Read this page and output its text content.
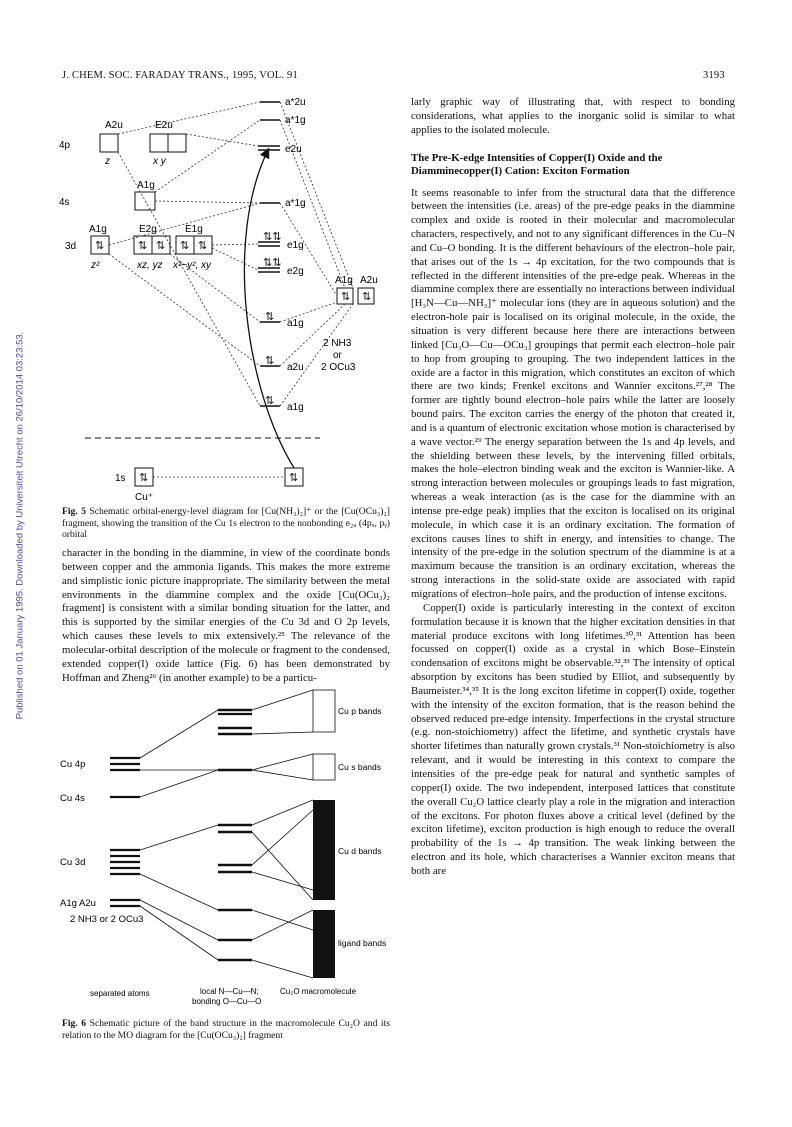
Published on 01 January 1995. Downloaded by Universiteit Utrecht on 26/10/2014 03:23:53.
J. CHEM. SOC. FARADAY TRANS., 1995, VOL. 91	3193
⇅	⇅ ⇅ ⇅ ⇅
⇅	⇅
⇅⇅
⇅⇅
⇅
⇅
⇅
⇅ ⇅
4p
4s
3d
1s
A2u	E2u
A1g
A1g	E2g	E1g
z	x y
z²	xz, yz x²−y², xy
a*2u
a*1g
e2u
a*1g
e1g
e2g
a1g
a2u
a1g
A1g A2u
2 NH3
or
2 OCu3
Cu⁺
Fig. 5 Schematic orbital-energy-level diagram for [Cu(NH₃)₂]⁺ or the [Cu(OCu₃)₂] fragment, showing the transition of the Cu 1s electron to the nonbonding e₂ᵤ (4pₓ, pᵧ) orbital

character in the bonding in the diammine, in view of the coordinate bonds between copper and the ammonia ligands. This makes the more extreme and simplistic ionic picture inappropriate. The similarity between the metal environments in the diammine complex and the oxide [Cu(OCu₃)₂ fragment] is consistent with a similar bonding situation for the latter, and this is supported by the similar energies of the Cu 3d and O 2p levels, which causes these levels to mix extensively.²⁵ The relevance of the molecular-orbital description of the molecule or fragment to the condensed, extended copper(I) oxide lattice (Fig. 6) has been demonstrated by Hoffman and Zheng²⁶ (in another example) to be a particu-

Cu 4p
Cu 4s
Cu 3d
A1g A2u
2 NH3 or 2 OCu3
Cu p bands
Cu s bands
Cu d bands
ligand bands
separated atoms	local N—Cu—N;
bonding O—Cu—O
Cu₂O macromolecule
Fig. 6 Schematic picture of the band structure in the macromolecule Cu₂O and its relation to the MO diagram for the [Cu(OCu₃)₂] fragment

larly graphic way of illustrating that, with respect to bonding considerations, what applies to the inorganic solid is similar to what applies to the isolated molecule.

The Pre-K-edge Intensities of Copper(I) Oxide and the Diamminecopper(I) Cation: Exciton Formation

It seems reasonable to infer from the structural data that the difference between the intensities (i.e. areas) of the pre-edge peaks in the diammine complex and oxide is rooted in their molecular and macromolecular characters, respectively, and not to any significant differences in the Cu–N and Cu–O bonding. It is the different behaviours of the electron–hole pair, that arises out of the 1s → 4p excitation, for the two compounds that is reflected in the different intensities of the pre-edge peak. Whereas in the diammine complex there are essentially no interactions between individual [H₃N—Cu—NH₃]⁺ molecular ions (they are in aqueous solution) and the electron-hole pair is localised on its original molecule, in the oxide, the situation is very different because here there are interactions between linked [Cu₃O—Cu—OCu₃] groupings that permit each electron–hole pair to hop from grouping to grouping. The two independent lattices in the oxide are a factor in this migration, which constitutes an exciton of which there are two kinds; Frenkel excitons and Wannier excitons.²⁷,²⁸ The former are tightly bound electron–hole pairs while the latter are loosely bound pairs. The exciton carries the energy of the photon that created it, and is a quantum of electronic excitation whose motion is characterised by a wave vector.²⁹ The energy separation between the 1s and 4p levels, and the shielding between these levels, by the intervening filled orbitals, makes the hole–electron binding weak and the exciton is Wannier-like. A strong interaction between molecules or groupings leads to fast migration, whereas a weak interaction (as is the case for the diammine with an intense pre-edge peak) implies that the exciton is localised on its original molecule, in which case it is an ordinary excitation. The formation of excitons causes lines to shift in energy, and intensities to change. The intensity of the pre-edge in the solution spectrum of the diammine is at a maximum because the transition is an ordinary excitation, whereas the strong interactions in the solid-state oxide are associated with rapid migrations of electron–hole pairs, and the production of intense excitons.

Copper(I) oxide is particularly interesting in the context of exciton formulation because it is known that the higher excitation densities in that material produce excitons with long lifetimes.³⁰,³¹ Attention has been focussed on copper(I) oxide as a crystal in which Bose–Einstein condensation of excitons might be observable.³²,³³ The intensity of optical absorption by excitons has been studied by Elliot, and subsequently by Baumeister.³⁴,³⁵ It is the long exciton lifetime in copper(I) oxide, together with the intensity of the exciton formation, that is the reason behind the observed reduced pre-edge intensity. Imperfections in the crystal structure (e.g. non-stoichiometry) affect the lifetime, and synthetic crystals have shorter lifetimes than naturally grown crystals.³¹ Non-stoichiometry is also relevant, and it would be interesting in this context to compare the intensities of the pre-edge peak for natural and synthetic samples of copper(I) oxide. The two independent, interposed lattices that constitute the overall Cu₂O lattice clearly play a role in the migration and interaction of the excitons. For photon fluxes above a critical level (defined by the exciton lifetime), exciton production is high enough to reduce the overall probability of the 1s → 4p transition. The weak linking between the electron and its hole, which characterises a Wannier exciton means that both are
